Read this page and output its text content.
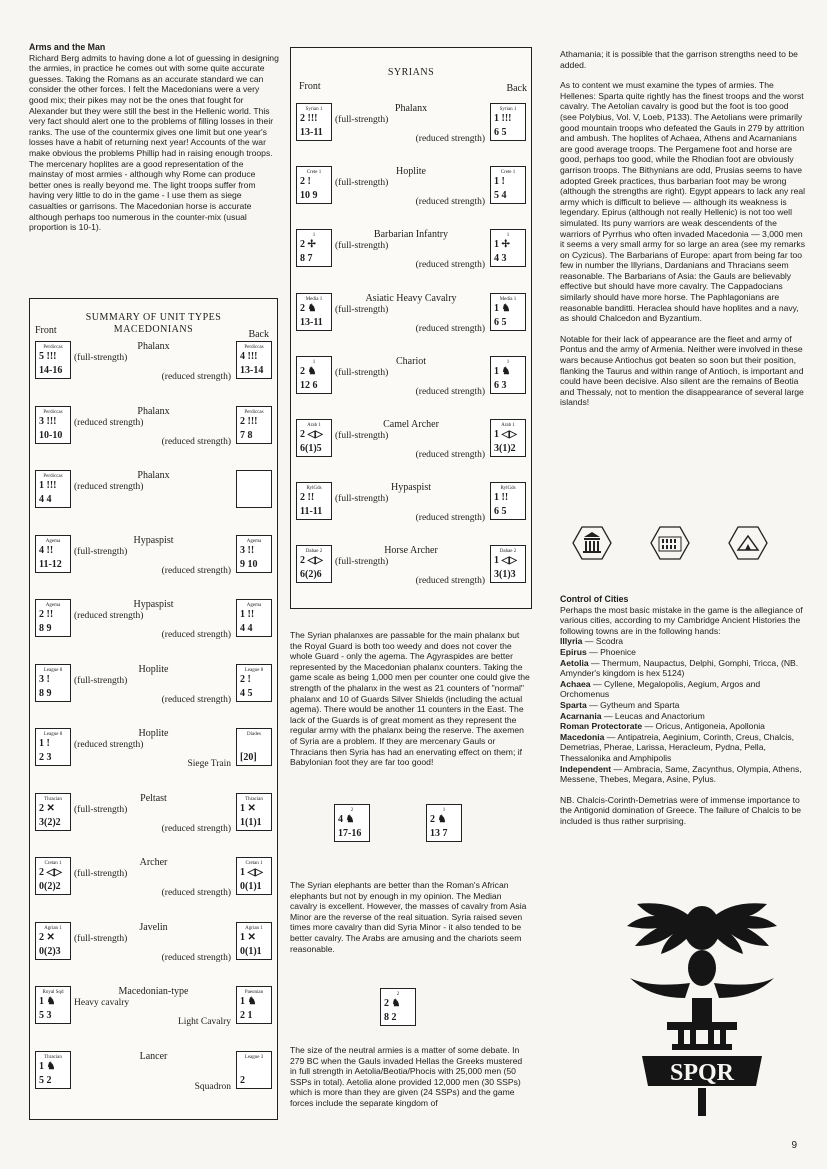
Arms and the Man
Richard Berg admits to having done a lot of guessing in designing the armies, in practice he comes out with some quite accurate guesses. Taking the Romans as an accurate standard we can consider the other forces. I felt the Macedonians were a very good mix; their pikes may not be the ones that fought for Alexander but they were still the best in the Hellenic world. This very fact should alert one to the problems of filling losses in their ranks. The use of the countermix gives one limit but one year's losses have a habit of returning next year! Accounts of the war make obvious the problems Phillip had in raising enough troops. The mercenary hoplites are a good representation of the mainstay of most armies - although why Rome can produce better ones is really beyond me. The light troops suffer from having very little to do in the game - I use them as siege casualties or garrisons. The Macedonian horse is accurate although perhaps too numerous in the counter-mix (usual proportion is 10-1).
SUMMARY OF UNIT TYPES
MACEDONIANS
Front	Back
Perdiccas
5 !!!
14-16
Perdiccas
4 !!!
13-14
Phalanx
(full-strength)
(reduced strength)
Perdiccas
3 !!!
10-10
Perdiccas
2 !!!
7 8
Phalanx
(reduced strength)
(reduced strength)
Perdiccas
1 !!!
4 4
Phalanx
(reduced strength)
Agema
4 !!
11-12
Agema
3 !!
9 10
Hypaspist
(full-strength)
(reduced strength)
Agema
2 !!
8 9
Agema
1 !!
4 4
Hypaspist
(reduced strength)
(reduced strength)
League 8
3 !
8 9
League 8
2 !
4 5
Hoplite
(full-strength)
(reduced strength)
League 8
1 !
2 3
Diades
[20]
Hoplite
(reduced strength)
Siege Train
Thracian
2 ✕
3(2)2
Thracian
1 ✕
1(1)1
Peltast
(full-strength)
(reduced strength)
Cretan 1
2 ◁▷
0(2)2
Cretan 1
1 ◁▷
0(1)1
Archer
(full-strength)
(reduced strength)
Agrian 1
2 ✕
0(2)3
Agrian 1
1 ✕
0(1)1
Javelin
(full-strength)
(reduced strength)
Royal Sqd
1 ♞
5 3
Paeonian
1 ♞
2 1
Macedonian-type
Heavy cavalry
Light Cavalry
Thracian
1 ♞
5 2
League 3
2
Lancer
Squadron
SYRIANS
Front	Back
Syrian 1
2 !!!
13-11
Syrian 1
1 !!!
6 5
Phalanx
(full-strength)
(reduced strength)
Crete 1
2 !
10 9
Crete 1
1 !
5 4
Hoplite
(full-strength)
(reduced strength)
1
2 ✢
8 7
1
1 ✢
4 3
Barbarian Infantry
(full-strength)
(reduced strength)
Media 1
2 ♞
13-11
Media 1
1 ♞
6 5
Asiatic Heavy Cavalry
(full-strength)
(reduced strength)
1
2 ♞
12 6
1
1 ♞
6 3
Chariot
(full-strength)
(reduced strength)
Arab 1
2 ◁▷
6(1)5
Arab 1
1 ◁▷
3(1)2
Camel Archer
(full-strength)
(reduced strength)
RylGds
2 !!
11-11
RylGds
1 !!
6 5
Hypaspist
(full-strength)
(reduced strength)
Dahae 2
2 ◁▷
6(2)6
Dahae 2
1 ◁▷
3(1)3
Horse Archer
(full-strength)
(reduced strength)
The Syrian phalanxes are passable for the main phalanx but the Royal Guard is both too weedy and does not cover the whole Guard - only the agema. The Agyraspides are better represented by the Macedonian phalanx counters. Taking the game scale as being 1,000 men per counter one could give the strength of the phalanx in the west as 21 counters of "normal" phalanx and 10 of Guards Silver Shields (including the actual agema). There would be another 11 counters in the East. The lack of the Guards is of great moment as they represent the regular army with the phalanx being the reserve. The axemen of Syria are a problem. If they are mercenary Gauls or Thracians then Syria has had an enervating effect on them; if Babylonian foot they are far too good!
2
4 ♞
17-16
1
2 ♞
13 7
The Syrian elephants are better than the Roman's African elephants but not by enough in my opinion. The Median cavalry is excellent. However, the masses of cavalry from Asia Minor are the reverse of the real situation. Syria raised seven times more cavalry than did Syria Minor - it also tended to be better cavalry. The Arabs are amusing and the chariots seem reasonable.
2
2 ♞
8 2
The size of the neutral armies is a matter of some debate. In 279 BC when the Gauls invaded Hellas the Greeks mustered in full strength in Aetolia/Beotia/Phocis with 25,000 men (50 SSPs in total). Aetolia alone provided 12,000 men (30 SSPs) which is more than they are given (24 SSPs) and the game forces include the separate kingdom of

Athamania; it is possible that the garrison strengths need to be added.

As to content we must examine the types of armies. The Hellenes: Sparta quite rightly has the finest troops and the worst cavalry. The Aetolian cavalry is good but the foot is too good (see Polybius, Vol. V, Loeb, P133). The Aetolians were primarily good mountain troops who defeated the Gauls in 279 by attrition and ambush. The hoplites of Achaea, Athens and Acarnanians are good average troops. The Pergamene foot and horse are good, perhaps too good, while the Rhodian foot are obviously garrison troops. The Bithynians are odd, Prusias seems to have adopted Greek practices, thus barbarian foot may be wrong (although the strengths are right). Egypt appears to lack any real army which is difficult to believe — although its weakness is legendary. Epirus (although not really Hellenic) is not too well simulated. Its puny warriors are weak descendents of the warriors of Pyrrhus who often invaded Macedonia — 3,000 men it seems a very small army for so large an area (see my remarks on Cyzicus). The Barbarians of Europe: apart from being far too few in number the Illyrians, Dardanians and Thracians seem reasonable. The Barbarians of Asia: the Gauls are believably effective but should have more cavalry. The Cappadocians similarly should have more horse. The Paphlagonians are reasonable banditti. Heraclea should have hoplites and a navy, as should Chalcedon and Byzantium.

Notable for their lack of appearance are the fleet and army of Pontus and the army of Armenia. Neither were involved in these wars because Antiochus got beaten so soon but their position, flanking the Taurus and within range of Antioch, is important and could have been decisive. Also silent are the remains of Beotia and Thessaly, not to mention the disappearance of several large islands!

Control of Cities
Perhaps the most basic mistake in the game is the allegiance of various cities, according to my Cambridge Ancient Histories the following towns are in the following hands:
Illyria — Scodra
Epirus — Phoenice
Aetolia — Thermum, Naupactus, Delphi, Gomphi, Tricca, (NB. Amynder's kingdom is hex 5124)
Achaea — Cyllene, Megalopolis, Aegium, Argos and Orchomenus
Sparta — Gytheum and Sparta
Acarnania — Leucas and Anactorium
Roman Protectorate — Oricus, Antigoneia, Apollonia
Macedonia — Antipatreia, Aeginium, Corinth, Creus, Chalcis, Demetrias, Pherae, Larissa, Heracleum, Pydna, Pella, Thessalonika and Amphipolis
Independent — Ambracia, Same, Zacynthus, Olympia, Athens, Messene, Thebes, Megara, Asine, Pylus.

NB. Chalcis-Corinth-Demetrias were of immense importance to the Antigonid domination of Greece. The failure of Chalcis to be included is thus rather surprising.

SPQR
9
